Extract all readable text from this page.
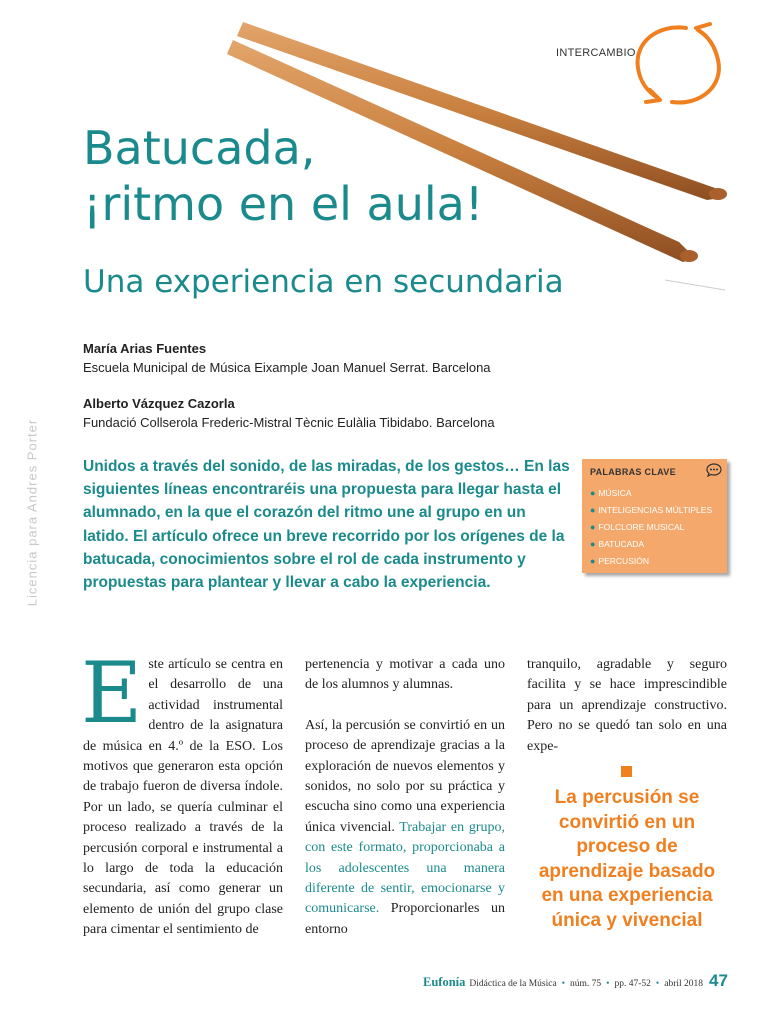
INTERCAMBIO
Batucada,
¡ritmo en el aula!
Una experiencia en secundaria
María Arias Fuentes
Escuela Municipal de Música Eixample Joan Manuel Serrat. Barcelona
Alberto Vázquez Cazorla
Fundació Collserola Frederic-Mistral Tècnic Eulàlia Tibidabo. Barcelona
Licencia para Andres Porter	Unidos a través del sonido, de las miradas, de los gestos… En las siguientes líneas encontraréis una propuesta para llegar hasta el alumnado, en la que el corazón del ritmo une al grupo en un latido. El artículo ofrece un breve recorrido por los orígenes de la batucada, conocimientos sobre el rol de cada instrumento y propuestas para plantear y llevar a cabo la experiencia.
PALABRAS CLAVE
● MÚSICA
● INTELIGENCIAS MÚLTIPLES
● FOLCLORE MUSICAL
● BATUCADA
● PERCUSIÓN
Este artículo se centra en el desarrollo de una actividad instrumental dentro de la asignatura de música en 4.º de la ESO. Los motivos que generaron esta opción de trabajo fueron de diversa índole. Por un lado, se quería culminar el proceso realizado a través de la percusión corporal e instrumental a lo largo de toda la educación secundaria, así como generar un elemento de unión del grupo clase para cimentar el sentimiento de

pertenencia y motivar a cada uno de los alumnos y alumnas.

Así, la percusión se convirtió en un proceso de aprendizaje gracias a la exploración de nuevos elementos y sonidos, no solo por su práctica y escucha sino como una experiencia única vivencial. Trabajar en grupo, con este formato, proporcionaba a los adolescentes una manera diferente de sentir, emocionarse y comunicarse. Proporcionarles un entorno

tranquilo, agradable y seguro facilita y se hace imprescindible para un aprendizaje constructivo. Pero no se quedó tan solo en una expe-
La percusión se convirtió en un proceso de aprendizaje basado en una experiencia única y vivencial
Eufonía Didáctica de la Música • núm. 75 • pp. 47-52 • abril 2018 47
